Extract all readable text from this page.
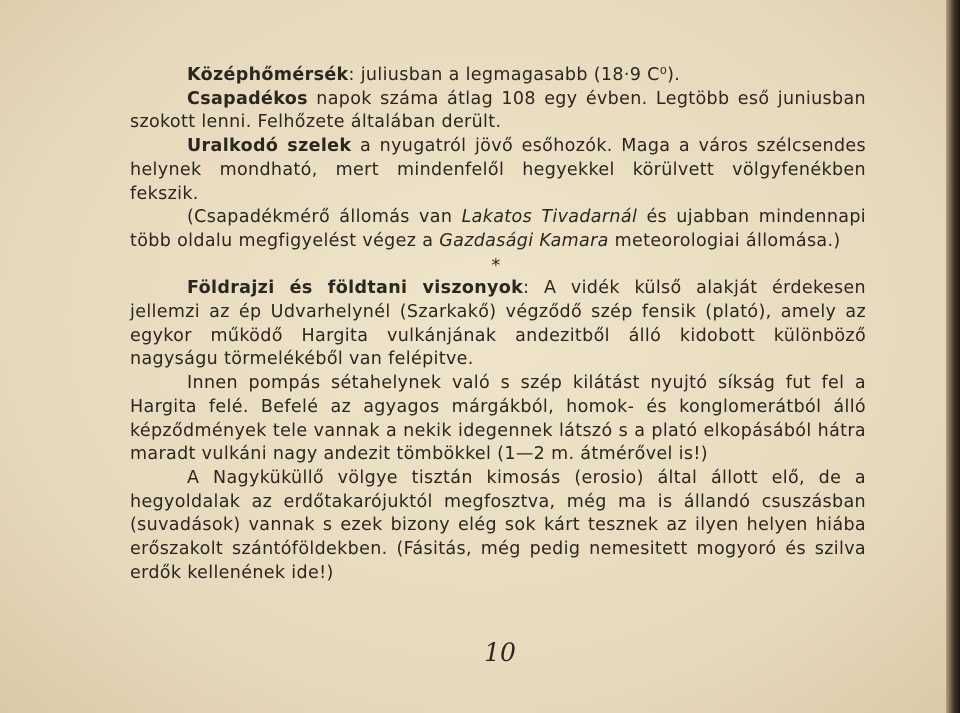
Középhőmérsék: juliusban a legmagasabb (18·9 C⁰).

Csapadékos napok száma átlag 108 egy évben. Legtöbb eső juniusban szokott lenni. Felhőzete általában derült.

Uralkodó szelek a nyugatról jövő esőhozók. Maga a város szélcsendes helynek mondható, mert mindenfelől hegyekkel körülvett völgyfenékben fekszik.

(Csapadékmérő állomás van Lakatos Tivadarnál és ujabban mindennapi több oldalu megfigyelést végez a Gazdasági Kamara meteorologiai állomása.)

*

Földrajzi és földtani viszonyok: A vidék külső alakját érdekesen jellemzi az ép Udvarhelynél (Szarkakő) végződő szép fensik (plató), amely az egykor működő Hargita vulkánjának andezitből álló kidobott különböző nagyságu törmelékéből van felépitve.

Innen pompás sétahelynek való s szép kilátást nyujtó síkság fut fel a Hargita felé. Befelé az agyagos márgákból, homok- és konglomerátból álló képződmények tele vannak a nekik idegennek látszó s a plató elkopásából hátra maradt vulkáni nagy andezit tömbökkel (1—2 m. átmérővel is!)

A Nagyküküllő völgye tisztán kimosás (erosio) által állott elő, de a hegyoldalak az erdőtakarójuktól megfosztva, még ma is állandó csuszásban (suvadások) vannak s ezek bizony elég sok kárt tesznek az ilyen helyen hiába erőszakolt szántóföldekben. (Fásitás, még pedig nemesitett mogyoró és szilva erdők kellenének ide!)

10
